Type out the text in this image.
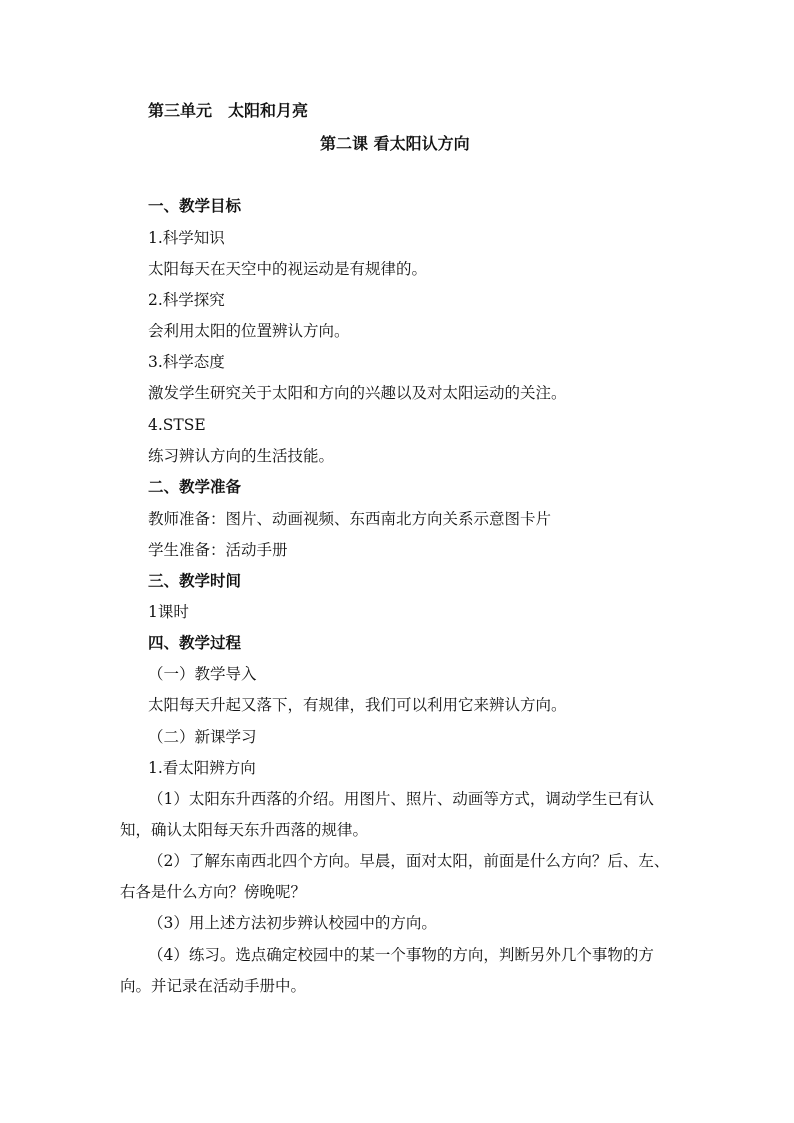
第三单元　太阳和月亮
第二课 看太阳认方向
一、教学目标
1.科学知识
太阳每天在天空中的视运动是有规律的。
2.科学探究
会利用太阳的位置辨认方向。
3.科学态度
激发学生研究关于太阳和方向的兴趣以及对太阳运动的关注。
4.STSE
练习辨认方向的生活技能。
二、教学准备
教师准备：图片、动画视频、东西南北方向关系示意图卡片
学生准备：活动手册
三、教学时间
1课时
四、教学过程
（一）教学导入
太阳每天升起又落下，有规律，我们可以利用它来辨认方向。
（二）新课学习
1.看太阳辨方向
（1）太阳东升西落的介绍。用图片、照片、动画等方式，调动学生已有认
知，确认太阳每天东升西落的规律。
（2）了解东南西北四个方向。早晨，面对太阳，前面是什么方向？后、左、
右各是什么方向？傍晚呢？
（3）用上述方法初步辨认校园中的方向。
（4）练习。选点确定校园中的某一个事物的方向，判断另外几个事物的方
向。并记录在活动手册中。
